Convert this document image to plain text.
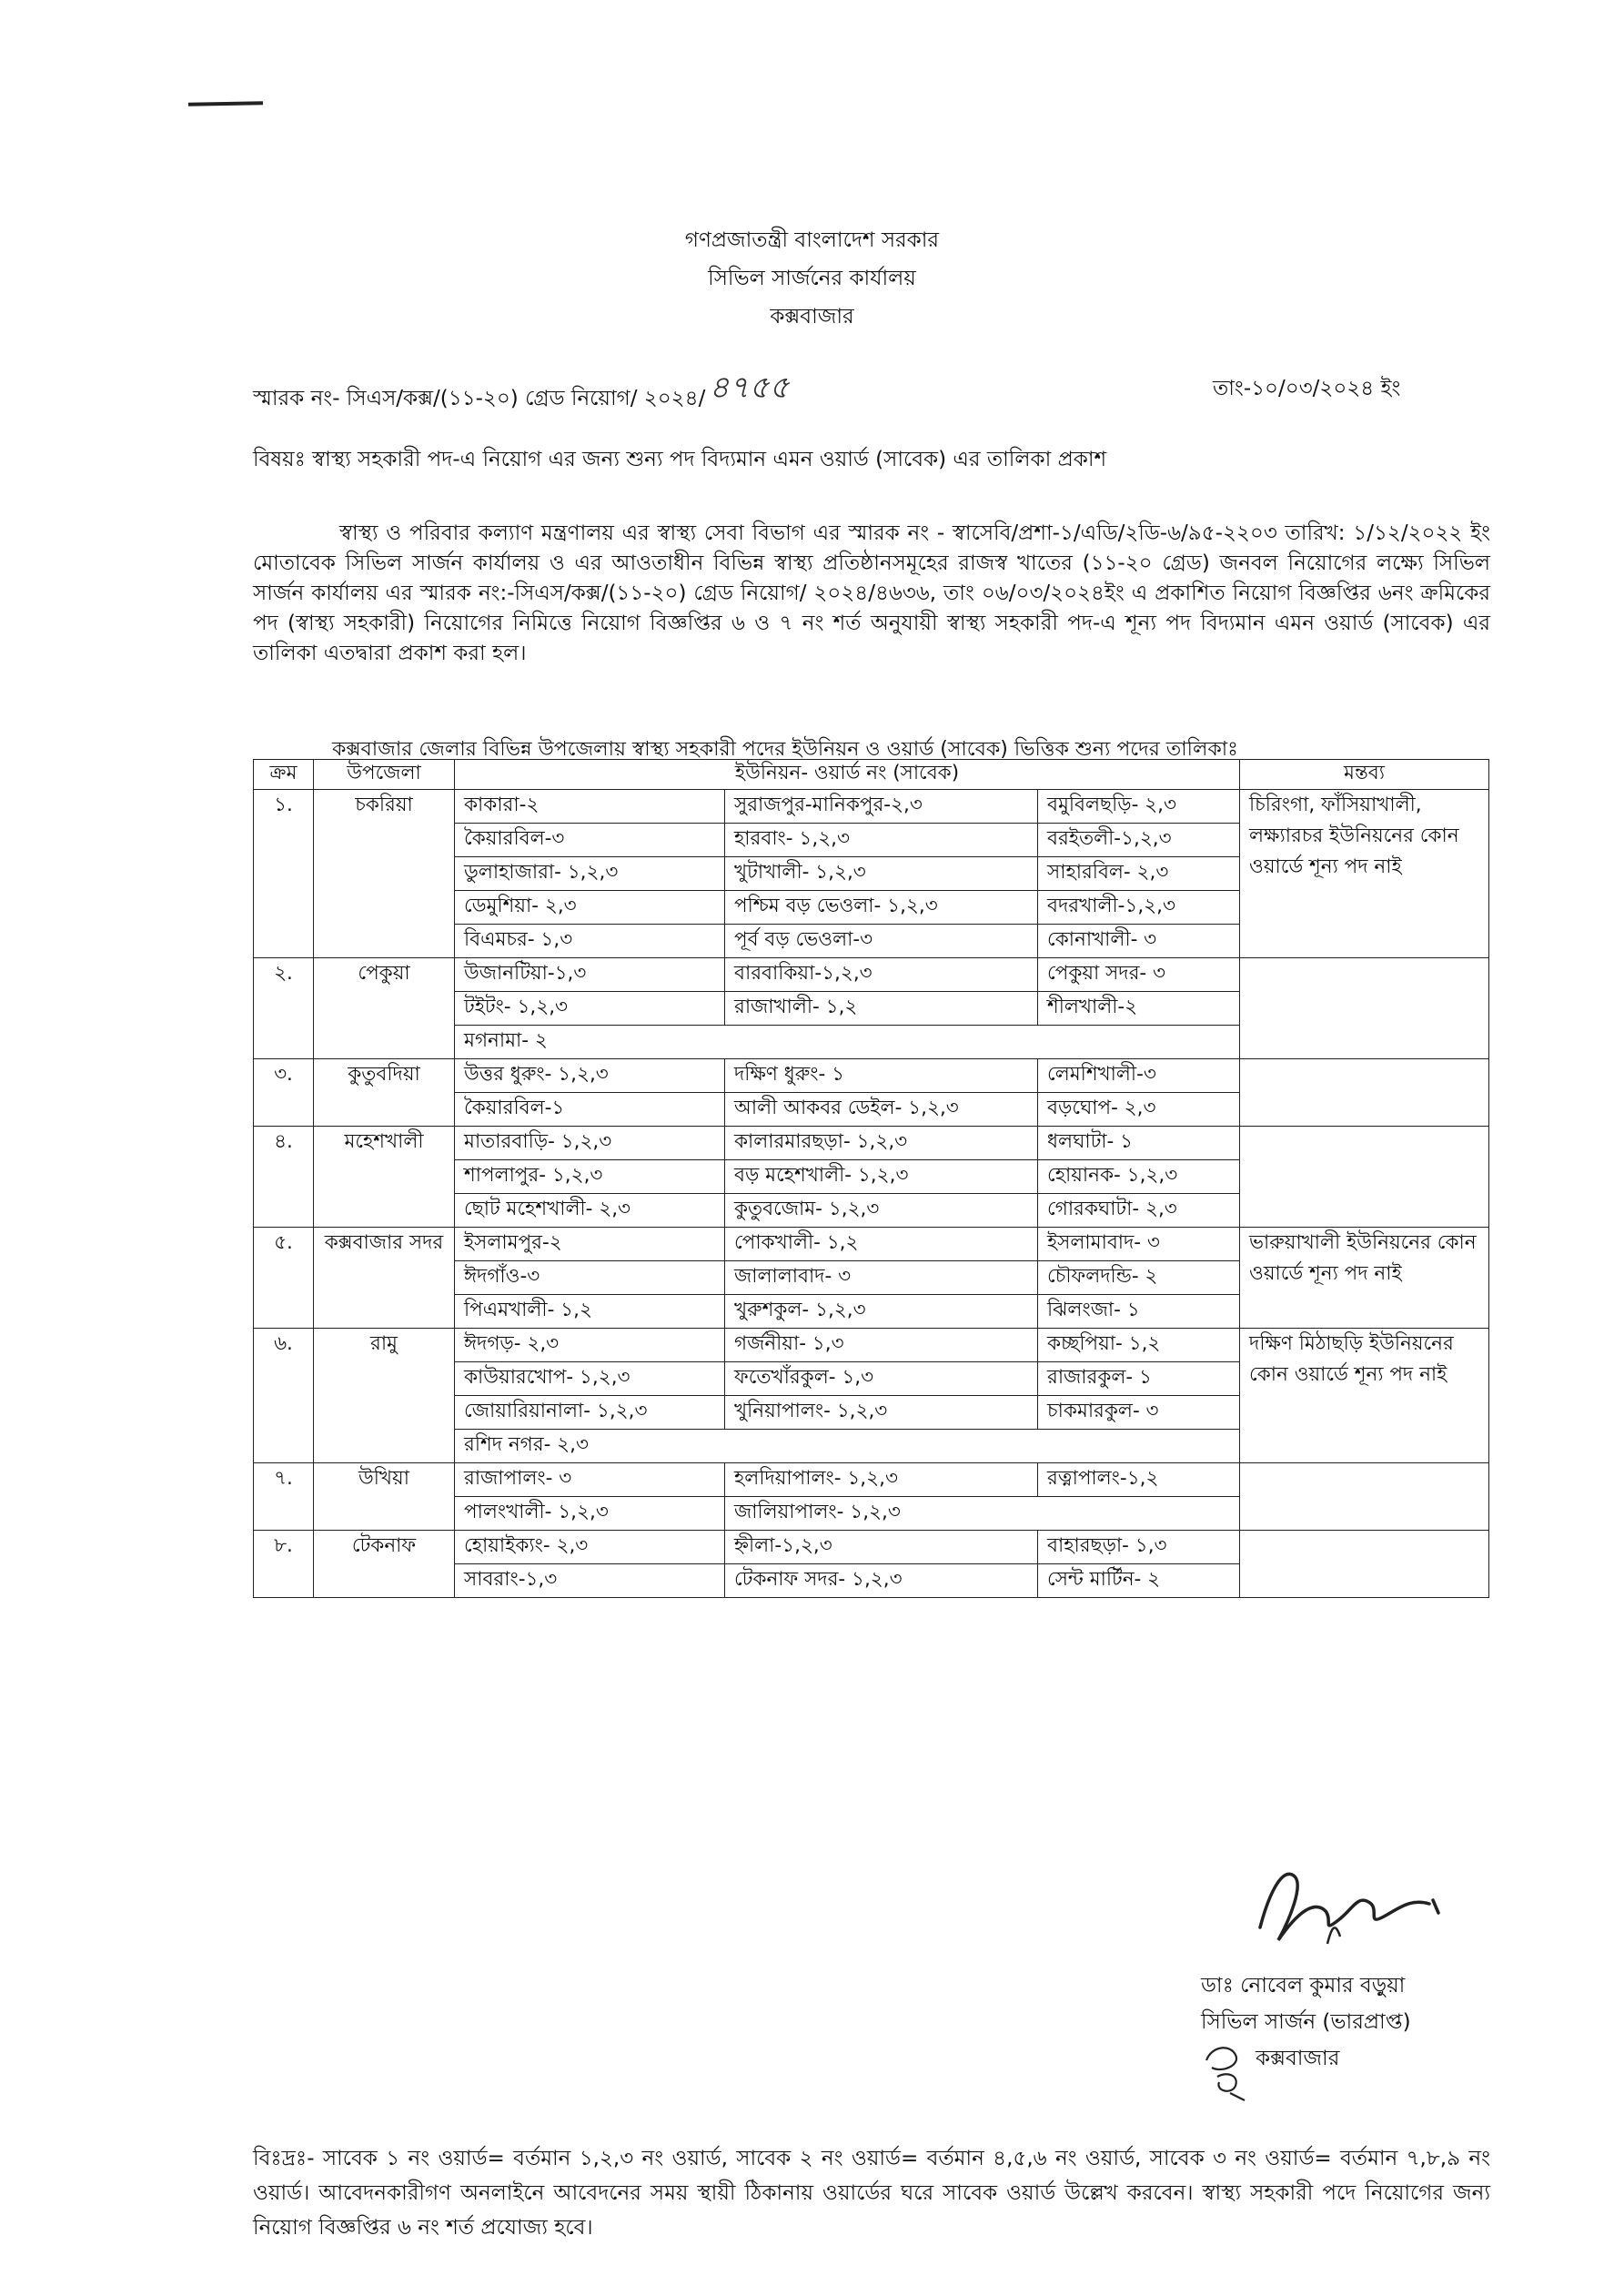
গণপ্রজাতন্ত্রী বাংলাদেশ সরকার
সিভিল সার্জনের কার্যালয়
কক্সবাজার
স্মারক নং- সিএস/কক্স/(১১-২০) গ্রেড নিয়োগ/ ২০২৪/ ৪৭৫৫	তাং-১০/০৩/২০২৪ ইং
বিষয়ঃ স্বাস্থ্য সহকারী পদ-এ নিয়োগ এর জন্য শুন্য পদ বিদ্যমান এমন ওয়ার্ড (সাবেক) এর তালিকা প্রকাশ
স্বাস্থ্য ও পরিবার কল্যাণ মন্ত্রণালয় এর স্বাস্থ্য সেবা বিভাগ এর স্মারক নং - স্বাসেবি/প্রশা-১/এডি/২ডি-৬/৯৫-২২০৩ তারিখ: ১/১২/২০২২ ইং মোতাবেক সিভিল সার্জন কার্যালয় ও এর আওতাধীন বিভিন্ন স্বাস্থ্য প্রতিষ্ঠানসমূহের রাজস্ব খাতের (১১-২০ গ্রেড) জনবল নিয়োগের লক্ষ্যে সিভিল সার্জন কার্যালয় এর স্মারক নং:-সিএস/কক্স/(১১-২০) গ্রেড নিয়োগ/ ২০২৪/৪৬৩৬, তাং ০৬/০৩/২০২৪ইং এ প্রকাশিত নিয়োগ বিজ্ঞপ্তির ৬নং ক্রমিকের পদ (স্বাস্থ্য সহকারী) নিয়োগের নিমিত্তে নিয়োগ বিজ্ঞপ্তির ৬ ও ৭ নং শর্ত অনুযায়ী স্বাস্থ্য সহকারী পদ-এ শূন্য পদ বিদ্যমান এমন ওয়ার্ড (সাবেক) এর তালিকা এতদ্বারা প্রকাশ করা হল।
কক্সবাজার জেলার বিভিন্ন উপজেলায় স্বাস্থ্য সহকারী পদের ইউনিয়ন ও ওয়ার্ড (সাবেক) ভিত্তিক শুন্য পদের তালিকাঃ
ক্রম	উপজেলা	ইউনিয়ন- ওয়ার্ড নং (সাবেক)			মন্তব্য
১.	চকরিয়া	কাকারা-২	সুরাজপুর-মানিকপুর-২,৩	বমুবিলছড়ি- ২,৩	চিরিংগা, ফাঁসিয়াখালী, লক্ষ্যারচর ইউনিয়নের কোন ওয়ার্ডে শূন্য পদ নাই
		কৈয়ারবিল-৩	হারবাং- ১,২,৩	বরইতলী-১,২,৩	
		ডুলাহাজারা- ১,২,৩	খুটাখালী- ১,২,৩	সাহারবিল- ২,৩	
		ডেমুশিয়া- ২,৩	পশ্চিম বড় ভেওলা- ১,২,৩	বদরখালী-১,২,৩	
		বিএমচর- ১,৩	পূর্ব বড় ভেওলা-৩	কোনাখালী- ৩	
২.	পেকুয়া	উজানটিয়া-১,৩	বারবাকিয়া-১,২,৩	পেকুয়া সদর- ৩	
		টইটং- ১,২,৩	রাজাখালী- ১,২	শীলখালী-২	
		মগনামা- ২			
৩.	কুতুবদিয়া	উত্তর ধুরুং- ১,২,৩	দক্ষিণ ধুরুং- ১	লেমশিখালী-৩	
		কৈয়ারবিল-১	আলী আকবর ডেইল- ১,২,৩	বড়ঘোপ- ২,৩	
৪.	মহেশখালী	মাতারবাড়ি- ১,২,৩	কালারমারছড়া- ১,২,৩	ধলঘাটা- ১	
		শাপলাপুর- ১,২,৩	বড় মহেশখালী- ১,২,৩	হোয়ানক- ১,২,৩	
		ছোট মহেশখালী- ২,৩	কুতুবজোম- ১,২,৩	গোরকঘাটা- ২,৩	
৫.	কক্সবাজার সদর	ইসলামপুর-২	পোকখালী- ১,২	ইসলামাবাদ- ৩	ভারুয়াখালী ইউনিয়নের কোন ওয়ার্ডে শূন্য পদ নাই
		ঈদগাঁও-৩	জালালাবাদ- ৩	চৌফলদন্ডি- ২	
		পিএমখালী- ১,২	খুরুশকুল- ১,২,৩	ঝিলংজা- ১	
৬.	রামু	ঈদগড়- ২,৩	গর্জনীয়া- ১,৩	কচ্ছপিয়া- ১,২	দক্ষিণ মিঠাছড়ি ইউনিয়নের কোন ওয়ার্ডে শূন্য পদ নাই
		কাউয়ারখোপ- ১,২,৩	ফতেখাঁরকুল- ১,৩	রাজারকুল- ১	
		জোয়ারিয়ানালা- ১,২,৩	খুনিয়াপালং- ১,২,৩	চাকমারকুল- ৩	
		রশিদ নগর- ২,৩			
৭.	উখিয়া	রাজাপালং- ৩	হলদিয়াপালং- ১,২,৩	রত্নাপালং-১,২	
		পালংখালী- ১,২,৩	জালিয়াপালং- ১,২,৩		
৮.	টেকনাফ	হোয়াইক্যং- ২,৩	হ্নীলা-১,২,৩	বাহারছড়া- ১,৩	
		সাবরাং-১,৩	টেকনাফ সদর- ১,২,৩	সেন্ট মার্টিন- ২	
বিঃদ্রঃ- সাবেক ১ নং ওয়ার্ড= বর্তমান ১,২,৩ নং ওয়ার্ড, সাবেক ২ নং ওয়ার্ড= বর্তমান ৪,৫,৬ নং ওয়ার্ড, সাবেক ৩ নং ওয়ার্ড= বর্তমান ৭,৮,৯ নং ওয়ার্ড। আবেদনকারীগণ অনলাইনে আবেদনের সময় স্থায়ী ঠিকানায় ওয়ার্ডের ঘরে সাবেক ওয়ার্ড উল্লেখ করবেন। স্বাস্থ্য সহকারী পদে নিয়োগের জন্য নিয়োগ বিজ্ঞপ্তির ৬ নং শর্ত প্রযোজ্য হবে।
ডাঃ নোবেল কুমার বড়ুয়া
সিভিল সার্জন (ভারপ্রাপ্ত)
কক্সবাজার
